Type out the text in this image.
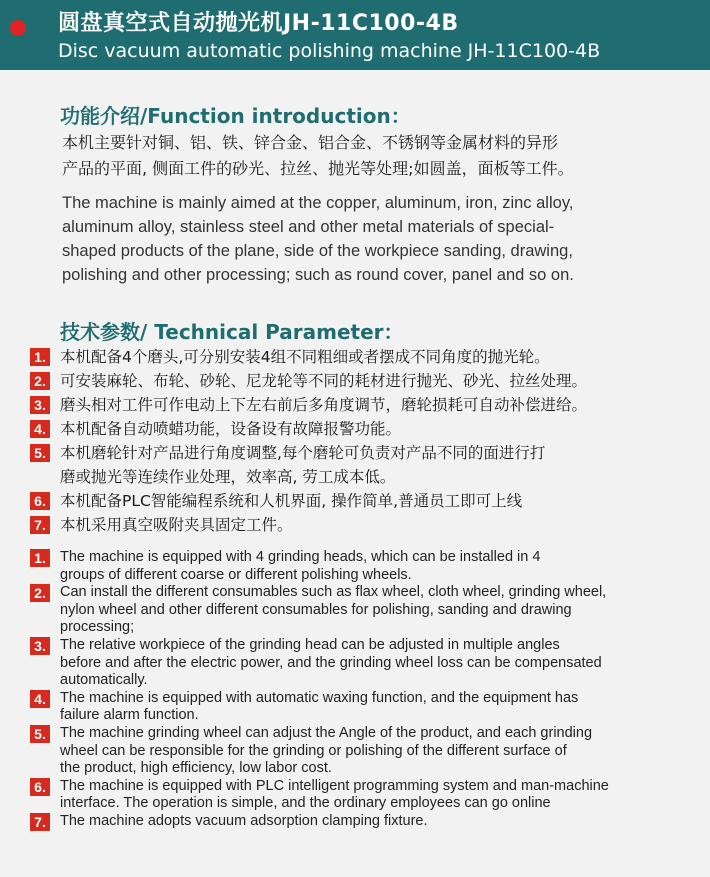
圆盘真空式自动抛光机JH-11C100-4B
Disc vacuum automatic polishing machine JH-11C100-4B
功能介绍/Function introduction：
本机主要针对铜、铝、铁、锌合金、铝合金、不锈钢等金属材料的异形
产品的平面, 侧面工件的砂光、拉丝、抛光等处理;如圆盖，面板等工件。
The machine is mainly aimed at the copper, aluminum, iron, zinc alloy,
aluminum alloy, stainless steel and other metal materials of special-
shaped products of the plane, side of the workpiece sanding, drawing,
polishing and other processing; such as round cover, panel and so on.
技术参数/ Technical Parameter：
1. 本机配备4个磨头,可分别安装4组不同粗细或者摆成不同角度的抛光轮。
2. 可安装麻轮、布轮、砂轮、尼龙轮等不同的耗材进行抛光、砂光、拉丝处理。
3. 磨头相对工件可作电动上下左右前后多角度调节，磨轮损耗可自动补偿进给。
4. 本机配备自动喷蜡功能，设备设有故障报警功能。
5. 本机磨轮针对产品进行角度调整,每个磨轮可负责对产品不同的面进行打
磨或抛光等连续作业处理，效率高, 劳工成本低。
6. 本机配备PLC智能编程系统和人机界面, 操作简单,普通员工即可上线
7. 本机采用真空吸附夹具固定工件。
1. The machine is equipped with 4 grinding heads, which can be installed in 4
groups of different coarse or different polishing wheels.
2. Can install the different consumables such as flax wheel, cloth wheel, grinding wheel,
nylon wheel and other different consumables for polishing, sanding and drawing
processing;
3. The relative workpiece of the grinding head can be adjusted in multiple angles
before and after the electric power, and the grinding wheel loss can be compensated
automatically.
4. The machine is equipped with automatic waxing function, and the equipment has
failure alarm function.
5. The machine grinding wheel can adjust the Angle of the product, and each grinding
wheel can be responsible for the grinding or polishing of the different surface of
the product, high efficiency, low labor cost.
6. The machine is equipped with PLC intelligent programming system and man-machine
interface. The operation is simple, and the ordinary employees can go online
7. The machine adopts vacuum adsorption clamping fixture.
